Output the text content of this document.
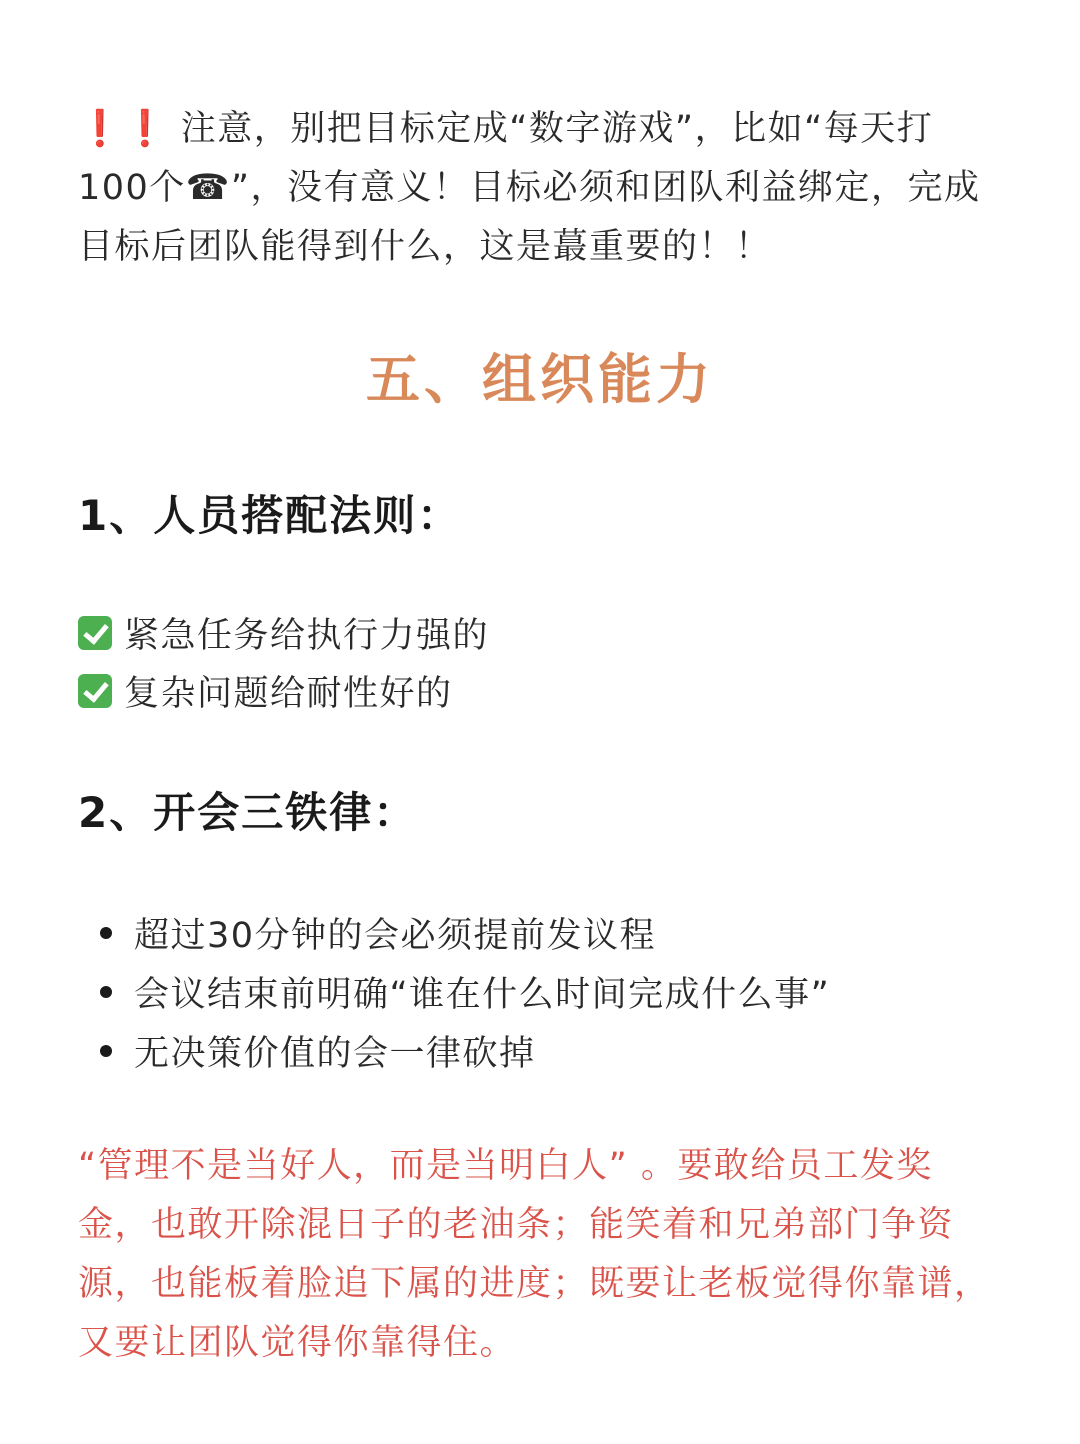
❗❗ 注意，别把目标定成“数字游戏”，比如“每天打100个☎”，没有意义！目标必须和团队利益绑定，完成目标后团队能得到什么，这是蕞重要的！！

五、组织能力
1、人员搭配法则：
紧急任务给执行力强的
复杂问题给耐性好的
2、开会三铁律：
超过30分钟的会必须提前发议程
会议结束前明确“谁在什么时间完成什么事”
无决策价值的会一律砍掉

“管理不是当好人，而是当明白人” 。要敢给员工发奖金，也敢开除混日子的老油条；能笑着和兄弟部门争资源，也能板着脸追下属的进度；既要让老板觉得你靠谱，又要让团队觉得你靠得住。
